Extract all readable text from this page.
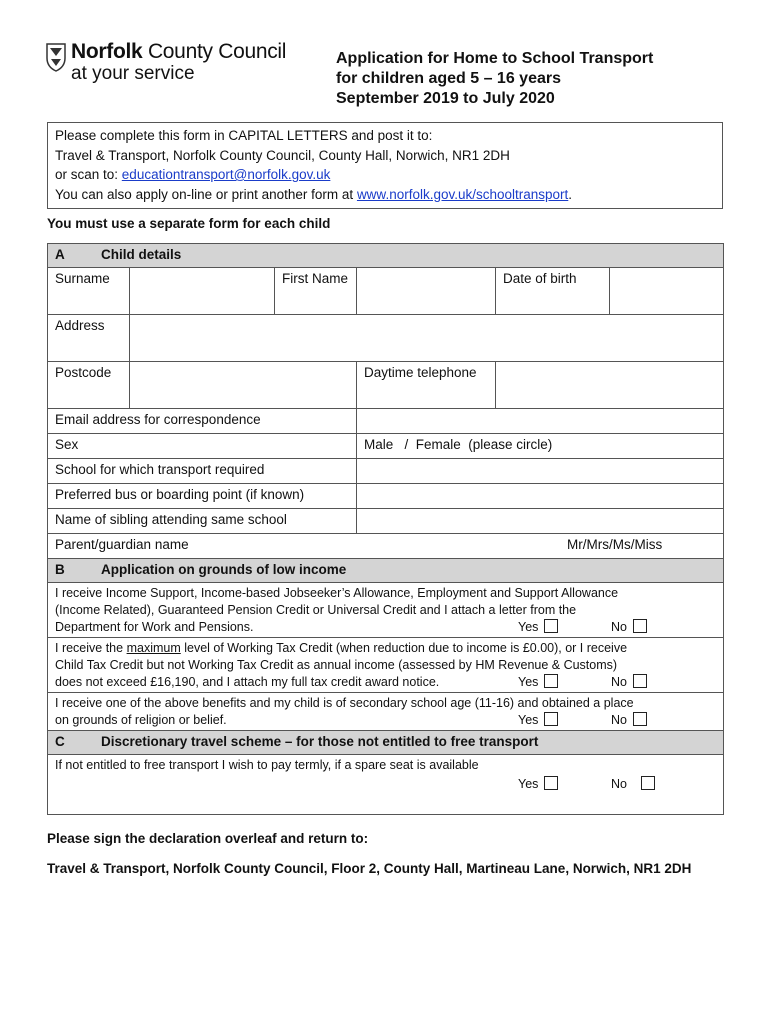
Norfolk County Council
at your service
Application for Home to School Transport
for children aged 5 – 16 years
September 2019 to July 2020
Please complete this form in CAPITAL LETTERS and post it to:
Travel & Transport, Norfolk County Council, County Hall, Norwich, NR1 2DH
or scan to: educationtransport@norfolk.gov.uk
You can also apply on-line or print another form at www.norfolk.gov.uk/schooltransport.
You must use a separate form for each child
A Child details					
Surname		First Name		Date of birth	
Address					
Postcode			Daytime telephone		
Email address for correspondence					
Sex			Male   /  Female  (please circle)		
School for which transport required					
Preferred bus or boarding point (if known)					
Name of sibling attending same school					

Parent/guardian name Mr/Mrs/Ms/Miss					

B Application on grounds of low income					

I receive Income Support, Income-based Jobseeker’s Allowance, Employment and Support Allowance
(Income Related), Guaranteed Pension Credit or Universal Credit and I attach a letter from the
Department for Work and Pensions. Yes No					

I receive the maximum level of Working Tax Credit (when reduction due to income is £0.00), or I receive
Child Tax Credit but not Working Tax Credit as annual income (assessed by HM Revenue & Customs)
does not exceed £16,190, and I attach my full tax credit award notice. Yes No					

I receive one of the above benefits and my child is of secondary school age (11-16) and obtained a place
on grounds of religion or belief. Yes No					

C Discretionary travel scheme – for those not entitled to free transport					

If not entitled to free transport I wish to pay termly, if a spare seat is available
Yes No					
Please sign the declaration overleaf and return to:
Travel & Transport, Norfolk County Council, Floor 2, County Hall, Martineau Lane, Norwich, NR1 2DH
